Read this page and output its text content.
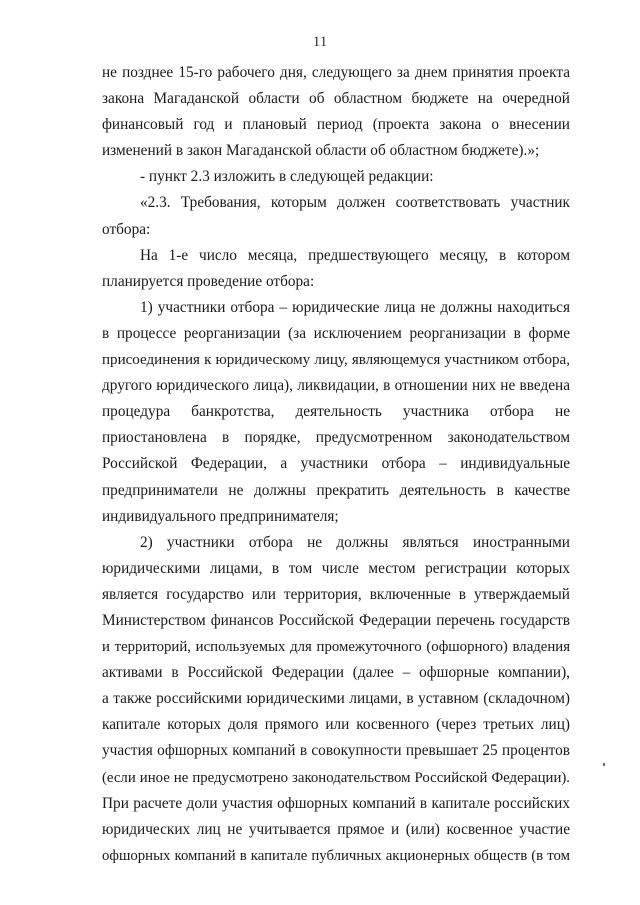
11
не позднее 15-го рабочего дня, следующего за днем принятия проекта
закона Магаданской области об областном бюджете на очередной
финансовый год и плановый период (проекта закона о внесении
изменений в закон Магаданской области об областном бюджете).»;
- пункт 2.3 изложить в следующей редакции:
«2.3. Требования, которым должен соответствовать участник
отбора:
На 1-е число месяца, предшествующего месяцу, в котором
планируется проведение отбора:
1) участники отбора – юридические лица не должны находиться
в процессе реорганизации (за исключением реорганизации в форме
присоединения к юридическому лицу, являющемуся участником отбора,
другого юридического лица), ликвидации, в отношении них не введена
процедура банкротства, деятельность участника отбора не
приостановлена в порядке, предусмотренном законодательством
Российской Федерации, а участники отбора – индивидуальные
предприниматели не должны прекратить деятельность в качестве
индивидуального предпринимателя;
2) участники отбора не должны являться иностранными
юридическими лицами, в том числе местом регистрации которых
является государство или территория, включенные в утверждаемый
Министерством финансов Российской Федерации перечень государств
и территорий, используемых для промежуточного (офшорного) владения
активами в Российской Федерации (далее – офшорные компании),
а также российскими юридическими лицами, в уставном (складочном)
капитале которых доля прямого или косвенного (через третьих лиц)
участия офшорных компаний в совокупности превышает 25 процентов
(если иное не предусмотрено законодательством Российской Федерации).
При расчете доли участия офшорных компаний в капитале российских
юридических лиц не учитывается прямое и (или) косвенное участие
офшорных компаний в капитале публичных акционерных обществ (в том
